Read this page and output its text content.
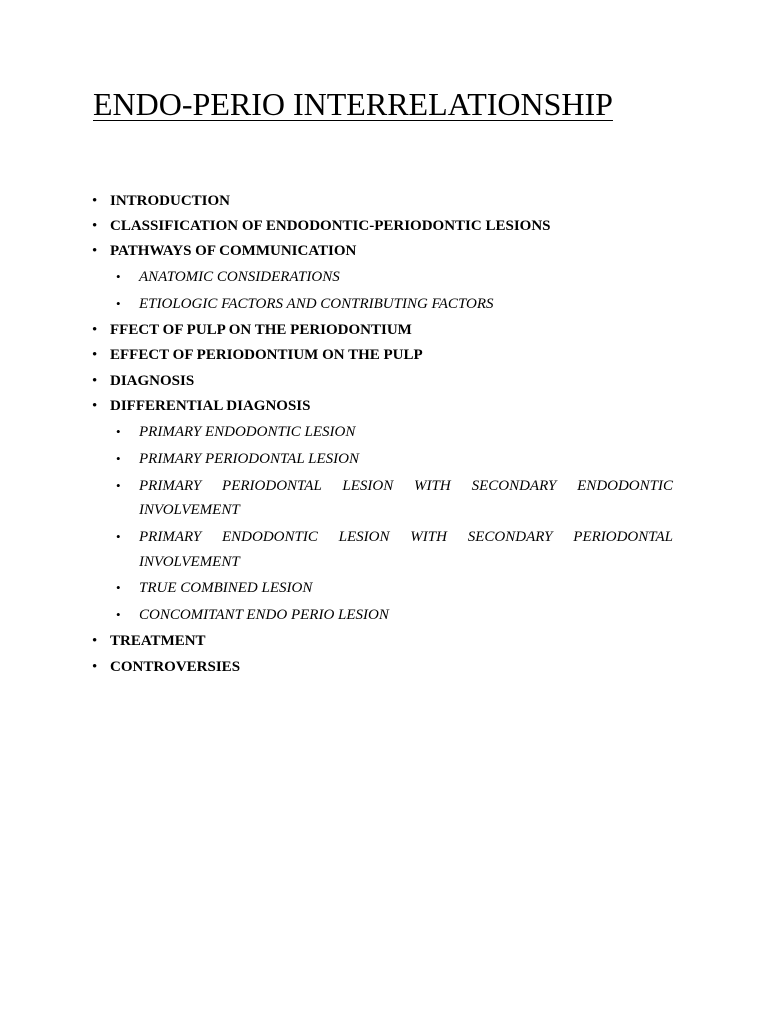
ENDO-PERIO INTERRELATIONSHIP
• INTRODUCTION
• CLASSIFICATION OF ENDODONTIC-PERIODONTIC LESIONS
• PATHWAYS OF COMMUNICATION
• ANATOMIC CONSIDERATIONS
• ETIOLOGIC FACTORS AND CONTRIBUTING FACTORS
• FFECT OF PULP ON THE PERIODONTIUM
• EFFECT OF PERIODONTIUM ON THE PULP
• DIAGNOSIS
• DIFFERENTIAL DIAGNOSIS
• PRIMARY ENDODONTIC LESION
• PRIMARY PERIODONTAL LESION
• PRIMARY PERIODONTAL LESION WITH SECONDARY ENDODONTIC
INVOLVEMENT
• PRIMARY ENDODONTIC LESION WITH SECONDARY PERIODONTAL
INVOLVEMENT
• TRUE COMBINED LESION
• CONCOMITANT ENDO PERIO LESION
• TREATMENT
• CONTROVERSIES
